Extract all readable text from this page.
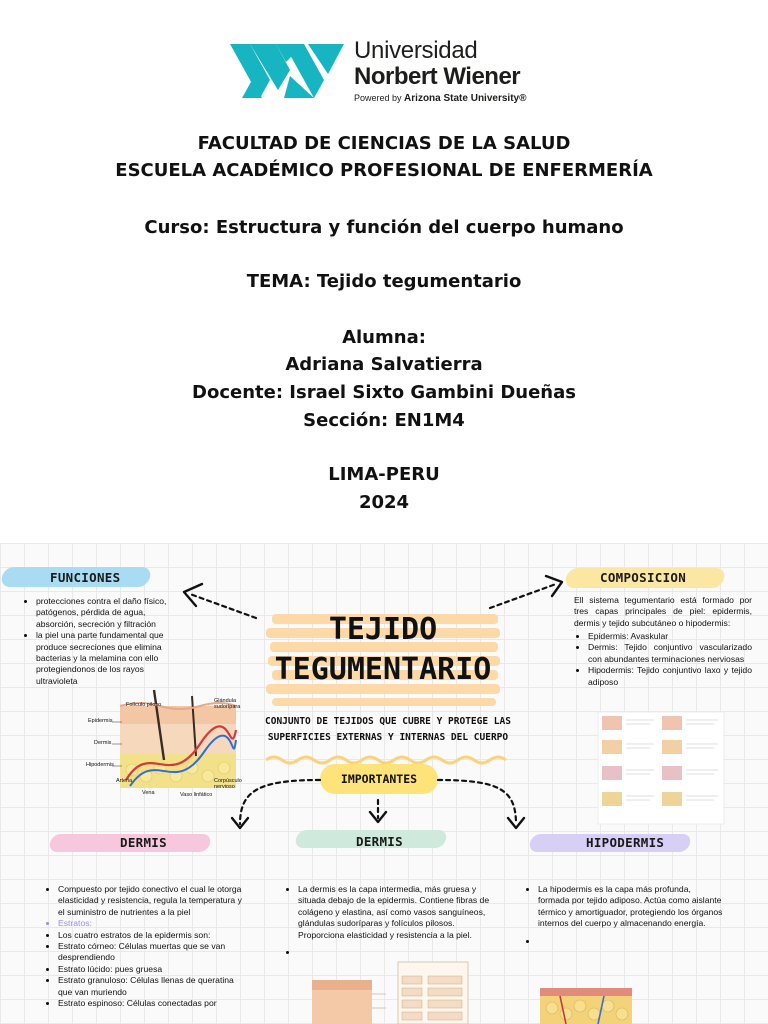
Universidad
Norbert Wiener
Powered by Arizona State University®
FACULTAD DE CIENCIAS DE LA SALUD
ESCUELA ACADÉMICO PROFESIONAL DE ENFERMERÍA
Curso: Estructura y función del cuerpo humano
TEMA: Tejido tegumentario
Alumna:
Adriana Salvatierra
Docente: Israel Sixto Gambini Dueñas
Sección: EN1M4
LIMA-PERU
2024
TEJIDO
TEGUMENTARIO
CONJUNTO DE TEJIDOS QUE CUBRE Y PROTEGE LAS
SUPERFICIES EXTERNAS Y INTERNAS DEL CUERPO
IMPORTANTES
FUNCIONES
• protecciones contra el daño físico, patógenos, pérdida de agua, absorción, secreción y filtración
• la piel una parte fundamental que produce secreciones que elimina bacterias y la melamina con ello protegiendonos de los rayos ultravioleta
Epidermis
Dermis
Hipodermis
Folículo piloso
Glándula sudorípara
Arteria
Vena	Vaso linfático
Corpúsculo nervioso
COMPOSICION
Ell sistema tegumentario está formado por tres capas principales de piel: epidermis, dermis y tejido subcutáneo o hipodermis:
• Epidermis: Avaskular
• Dermis: Tejido conjuntivo vascularizado con abundantes terminaciones nerviosas
• Hipodermis: Tejido conjuntivo laxo y tejido adiposo
DERMIS
• Compuesto por tejido conectivo el cual le otorga elasticidad y resistencia, regula la temperatura y el suministro de nutrientes a la piel
• Estratos:
• Los cuatro estratos de la epidermis son:
• Estrato córneo: Células muertas que se van desprendiendo
• Estrato lúcido: pues gruesa
• Estrato granuloso: Células llenas de queratina que van muriendo
• Estrato espinoso: Células conectadas por
DERMIS
• La dermis es la capa intermedia, más gruesa y situada debajo de la epidermis. Contiene fibras de colágeno y elastina, así como vasos sanguíneos, glándulas sudoríparas y folículos pilosos. Proporciona elasticidad y resistencia a la piel.
•
HIPODERMIS
• La hipodermis es la capa más profunda, formada por tejido adiposo. Actúa como aislante térmico y amortiguador, protegiendo los órganos internos del cuerpo y almacenando energía.
•
